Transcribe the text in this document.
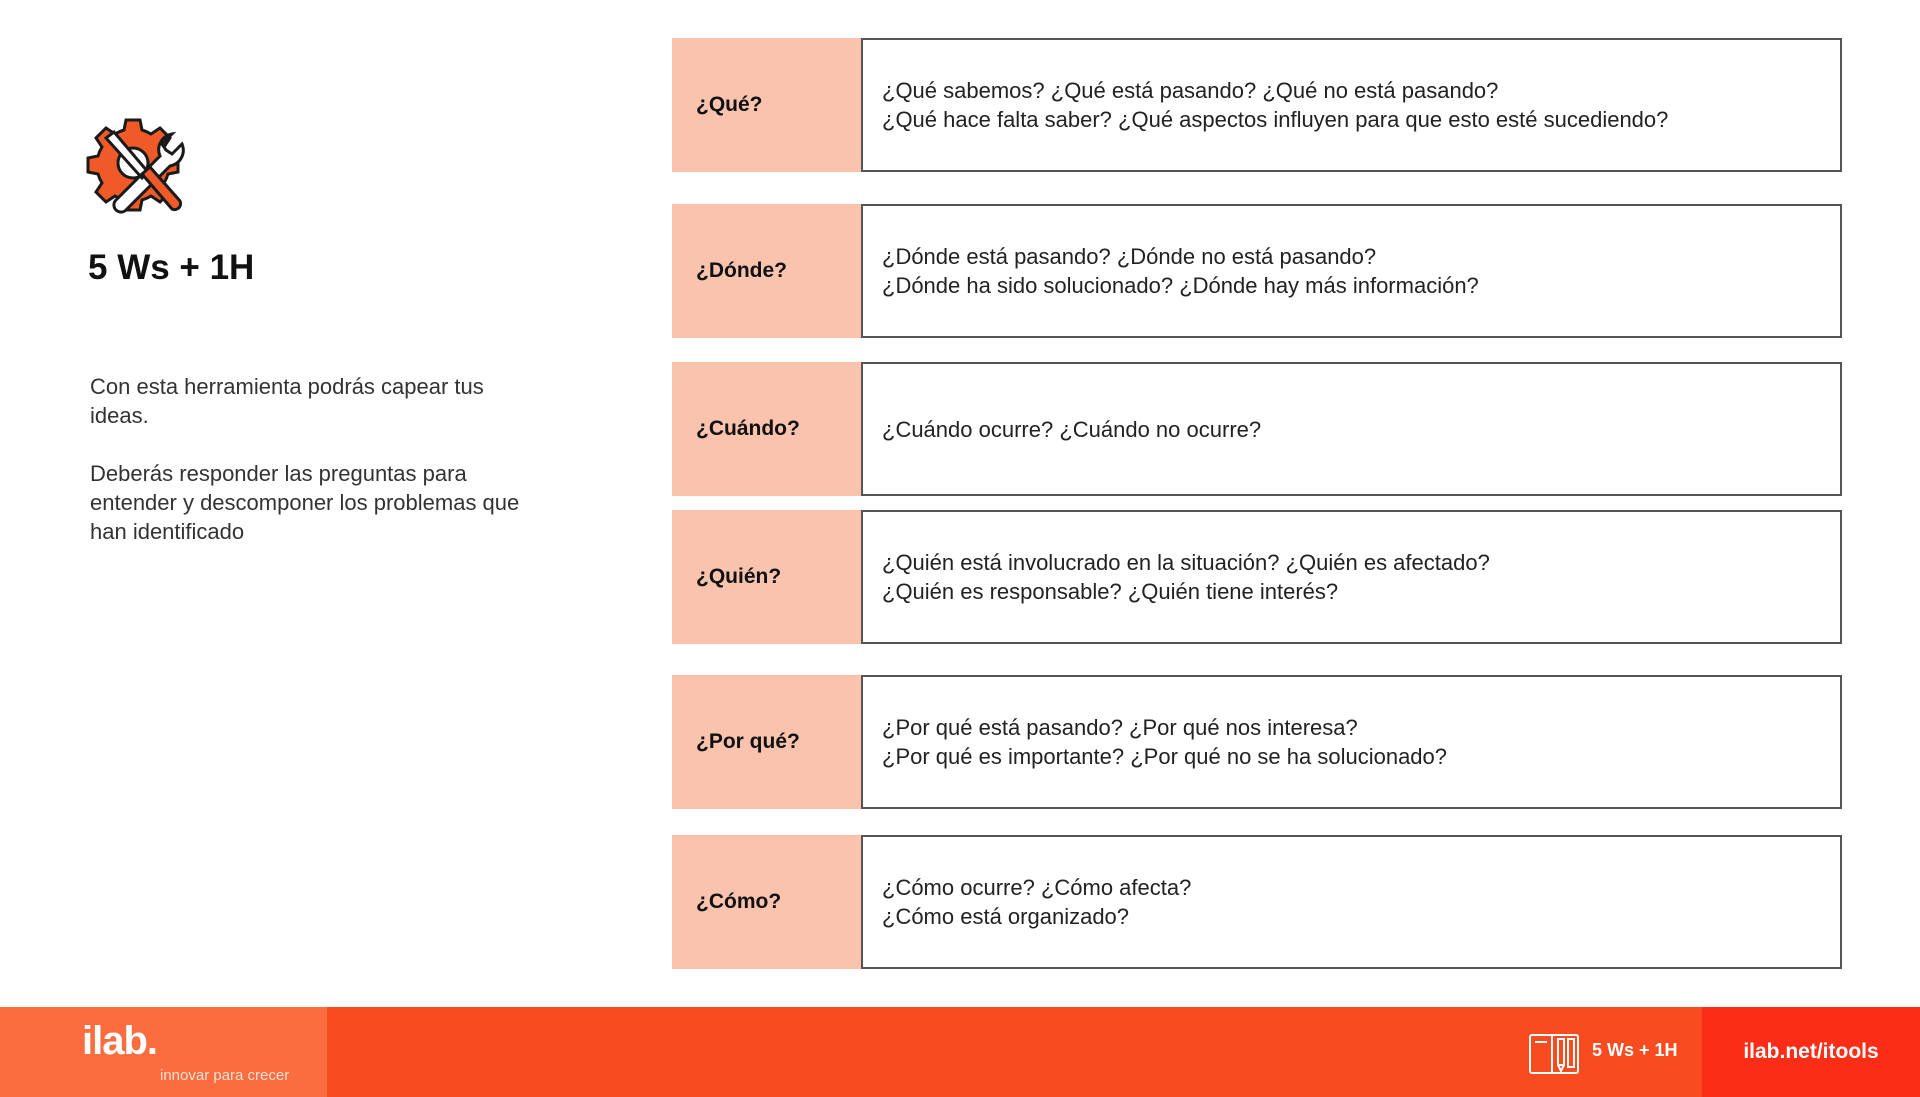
5 Ws + 1H

Con esta herramienta podrás capear tus ideas.

Deberás responder las preguntas para entender y descomponer los problemas que han identificado

¿Qué?
¿Qué sabemos? ¿Qué está pasando? ¿Qué no está pasando?
¿Qué hace falta saber? ¿Qué aspectos influyen para que esto esté sucediendo?
¿Dónde?
¿Dónde está pasando? ¿Dónde no está pasando?
¿Dónde ha sido solucionado? ¿Dónde hay más información?
¿Cuándo?	¿Cuándo ocurre? ¿Cuándo no ocurre?
¿Quién?
¿Quién está involucrado en la situación? ¿Quién es afectado?
¿Quién es responsable? ¿Quién tiene interés?
¿Por qué?
¿Por qué está pasando? ¿Por qué nos interesa?
¿Por qué es importante? ¿Por qué no se ha solucionado?
¿Cómo?
¿Cómo ocurre? ¿Cómo afecta?
¿Cómo está organizado?
ilab.
innovar para crecer
5 Ws + 1H	ilab.net/itools
